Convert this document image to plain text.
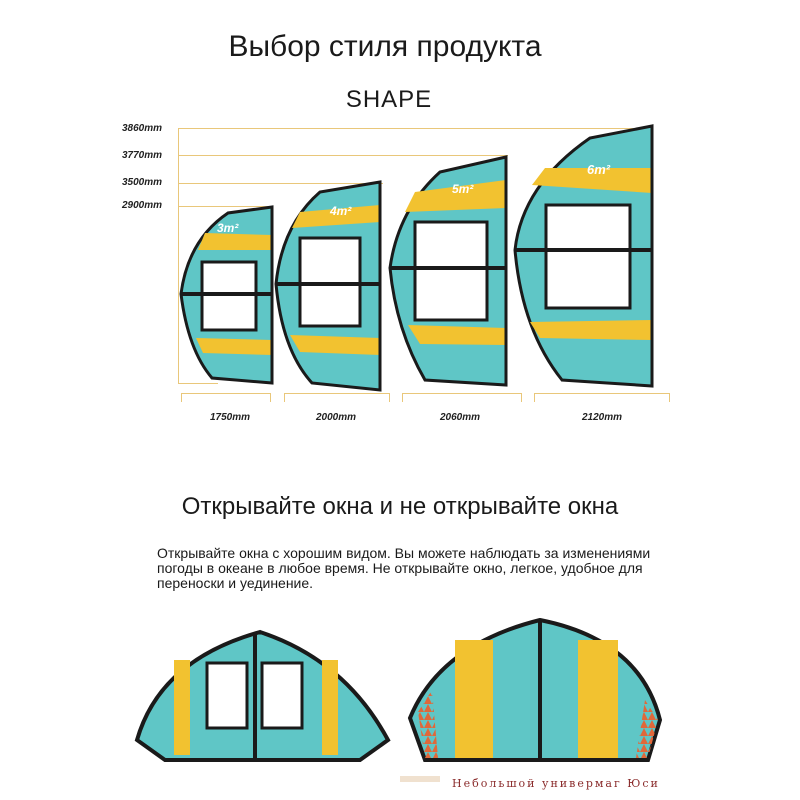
Выбор стиля продукта
SHAPE
3860mm
3770mm
3500mm
2900mm
1750mm	2000mm	2060mm	2120mm
3m²
4m²
5m²
6m²
Открывайте окна и не открывайте окна
Открывайте окна с хорошим видом. Вы можете наблюдать за изменениями погоды в океане в любое время. Не открывайте окно, легкое, удобное для переноски и уединение.
Небольшой универмаг Юси
